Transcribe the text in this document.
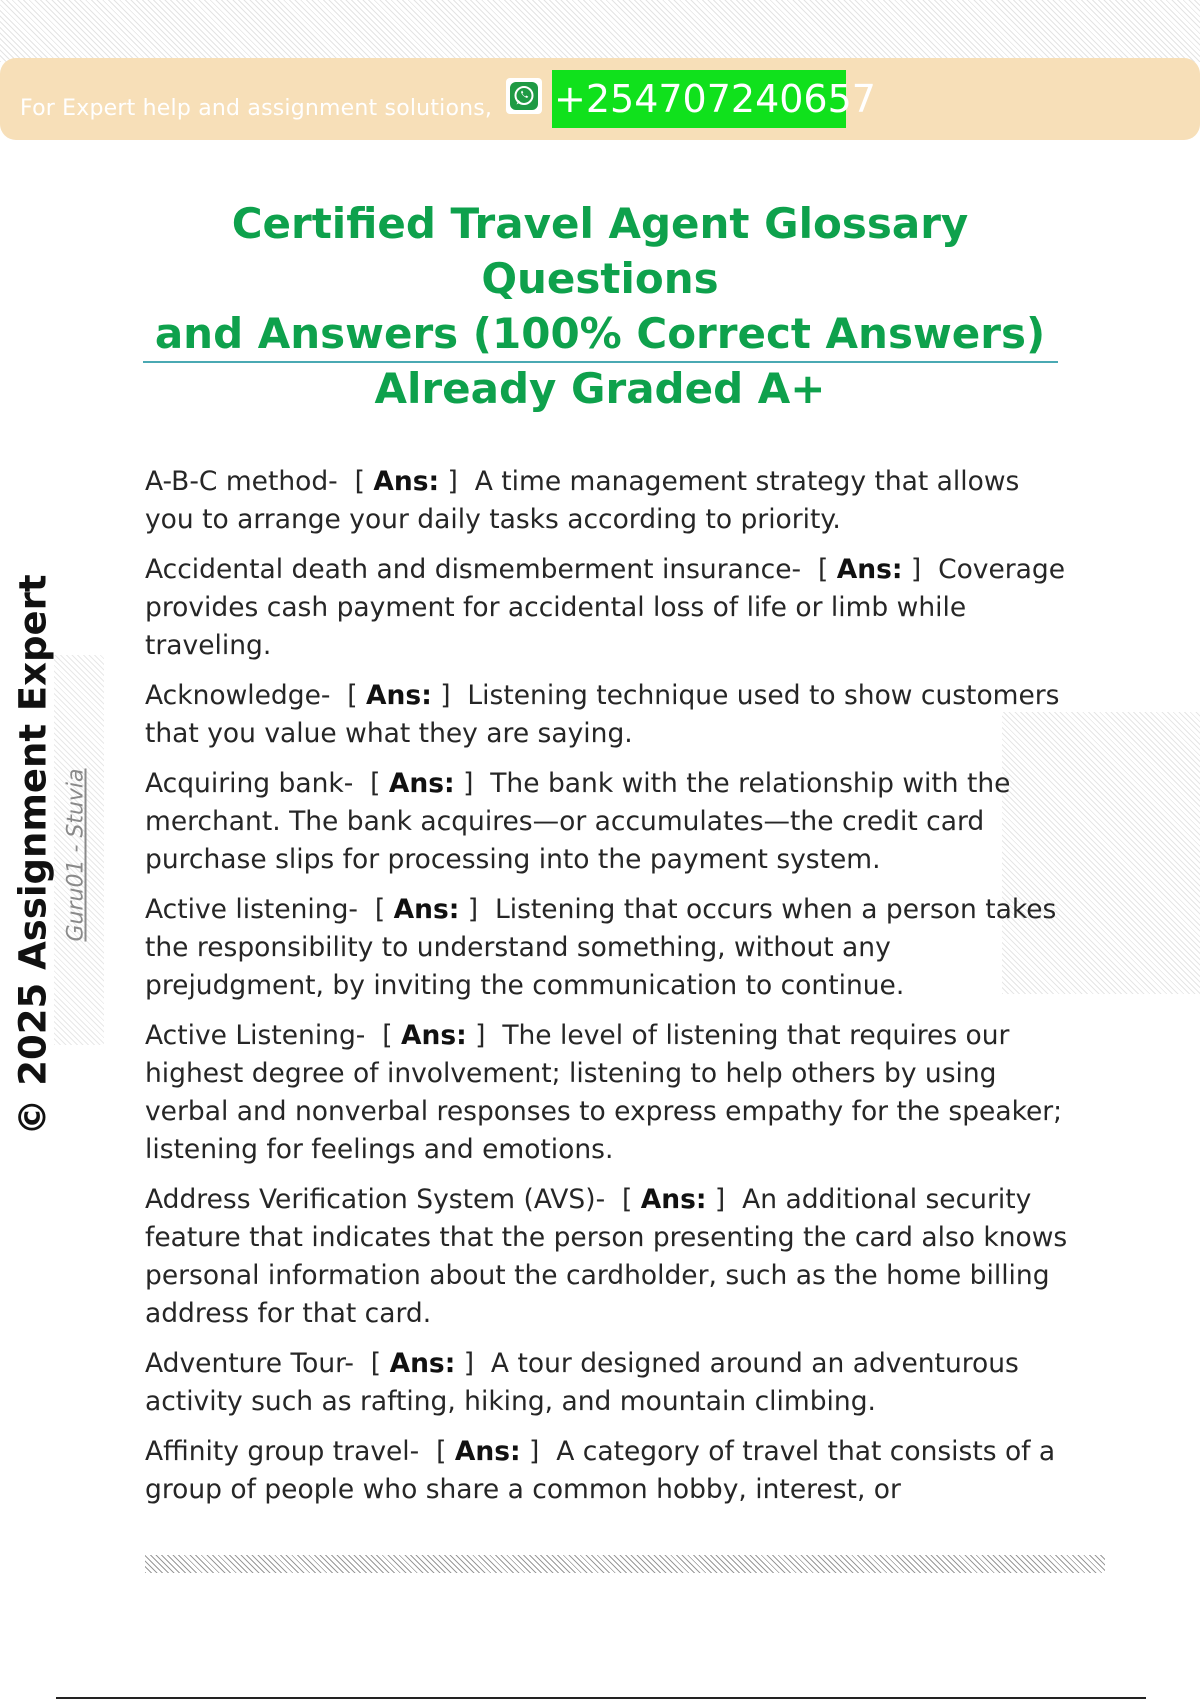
For Expert help and assignment solutions, +254707240657
Certified Travel Agent Glossary Questions
and Answers (100% Correct Answers)
Already Graded A+
© 2025 Assignment Expert Guru01 - Stuvia
A-B-C method-  [ Ans: ]  A time management strategy that allows you to arrange your daily tasks according to priority.
Accidental death and dismemberment insurance-  [ Ans: ]  Coverage provides cash payment for accidental loss of life or limb while traveling.
Acknowledge-  [ Ans: ]  Listening technique used to show customers that you value what they are saying.
Acquiring bank-  [ Ans: ]  The bank with the relationship with the merchant. The bank acquires—or accumulates—the credit card purchase slips for processing into the payment system.
Active listening-  [ Ans: ]  Listening that occurs when a person takes the responsibility to understand something, without any prejudgment, by inviting the communication to continue.
Active Listening-  [ Ans: ]  The level of listening that requires our highest degree of involvement; listening to help others by using verbal and nonverbal responses to express empathy for the speaker; listening for feelings and emotions.
Address Verification System (AVS)-  [ Ans: ]  An additional security feature that indicates that the person presenting the card also knows personal information about the cardholder, such as the home billing address for that card.
Adventure Tour-  [ Ans: ]  A tour designed around an adventurous activity such as rafting, hiking, and mountain climbing.
Affinity group travel-  [ Ans: ]  A category of travel that consists of a group of people who share a common hobby, interest, or
